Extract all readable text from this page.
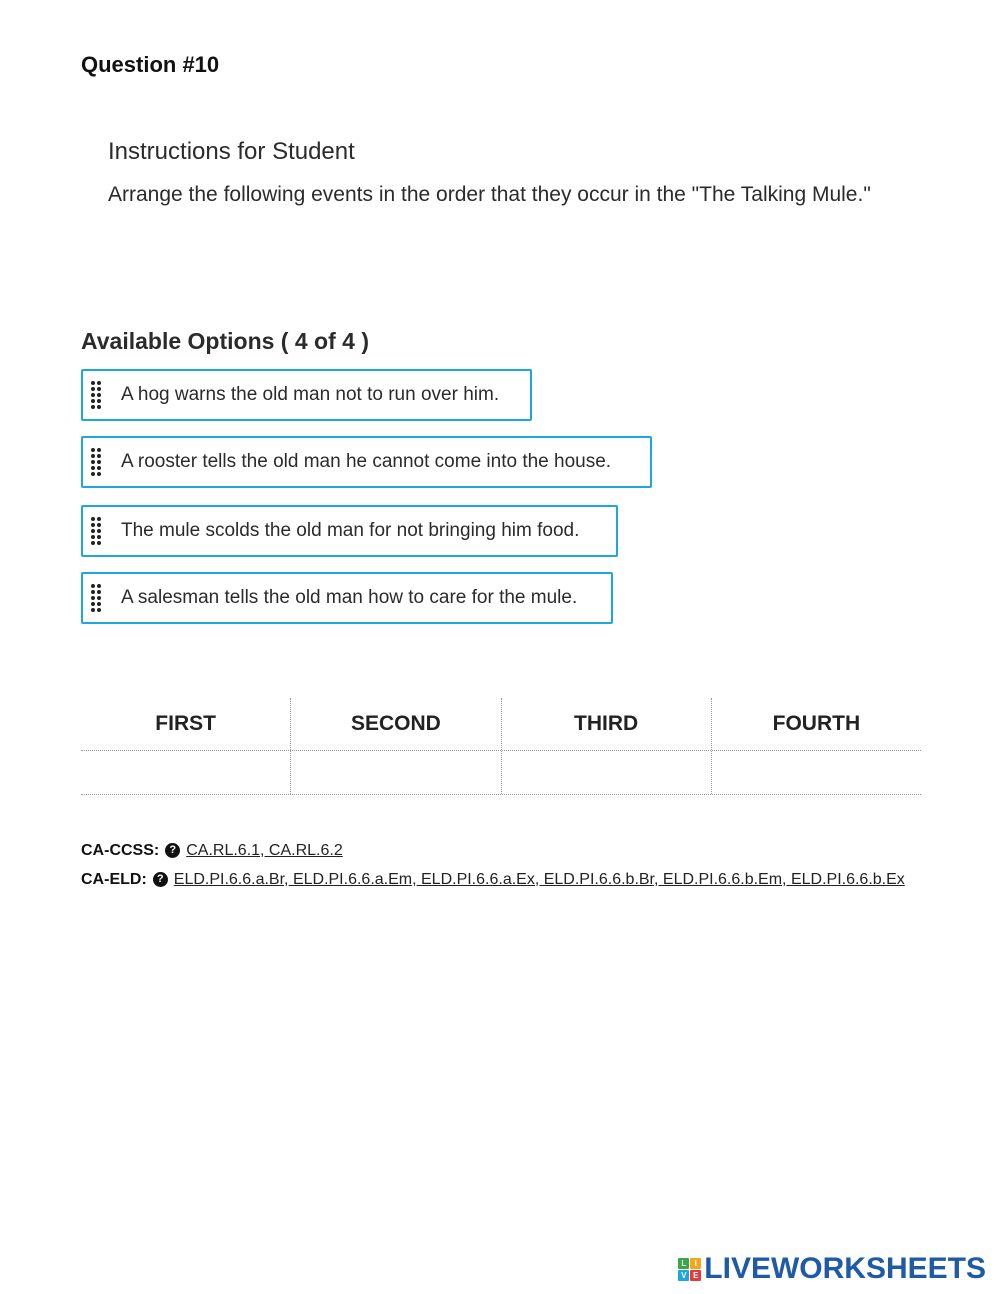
Question #10

Instructions for Student

Arrange the following events in the order that they occur in the "The Talking Mule."

Available Options ( 4 of 4 )
A hog warns the old man not to run over him.
A rooster tells the old man he cannot come into the house.
The mule scolds the old man for not bringing him food.
A salesman tells the old man how to care for the mule.
FIRST	SECOND	THIRD	FOURTH
CA-CCSS: ? CA.RL.6.1, CA.RL.6.2
CA-ELD: ? ELD.PI.6.6.a.Br, ELD.PI.6.6.a.Em, ELD.PI.6.6.a.Ex, ELD.PI.6.6.b.Br, ELD.PI.6.6.b.Em, ELD.PI.6.6.b.Ex
L	I
V E LIVEWORKSHEETS
